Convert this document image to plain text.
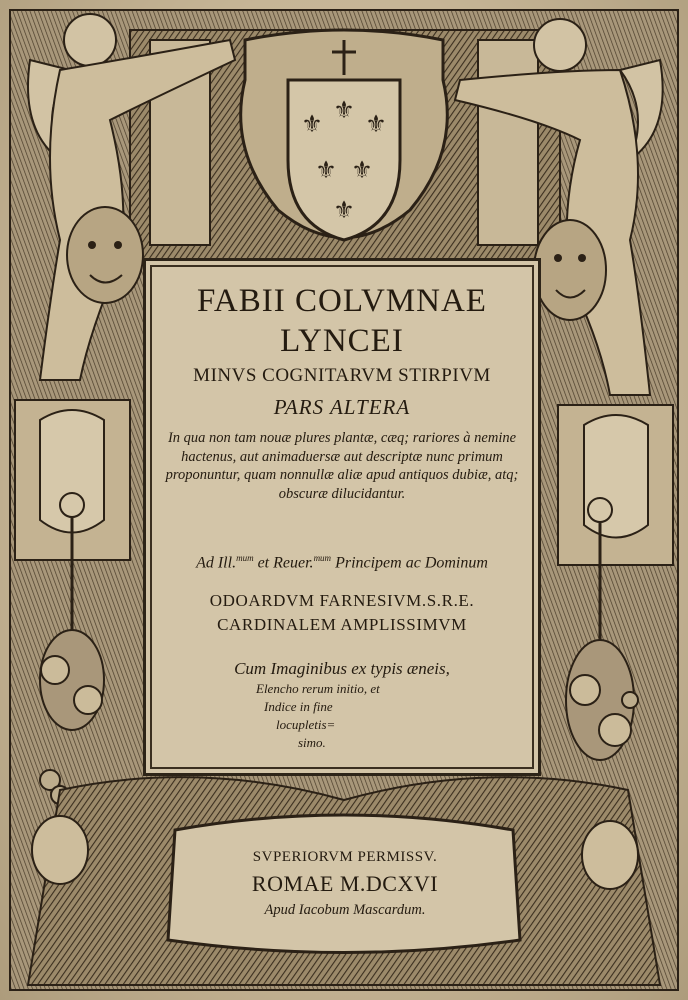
⚜ ⚜ ⚜
⚜ ⚜
⚜
FABII COLVMNAE
LYNCEI
MINVS COGNITARVM STIRPIVM
PARS ALTERA
In qua non tam nouæ plures plantæ, cæq; rariores à nemine hactenus, aut animaduersæ aut descriptæ nunc primum proponuntur, quam nonnullæ aliæ apud antiquos dubiæ, atq; obscuræ dilucidantur.
Ad Ill.$^{mum}$ et Reuer.$^{mum}$ Principem ac Dominum
ODOARDVM FARNESIVM.S.R.E.
CARDINALEM AMPLISSIMVM
Cum Imaginibus ex typis æneis,
Elencho rerum initio, et
Indice in fine
locupletis=
simo.
SVPERIORVM PERMISSV.
ROMAE M.DCXVI
Apud Iacobum Mascardum.
